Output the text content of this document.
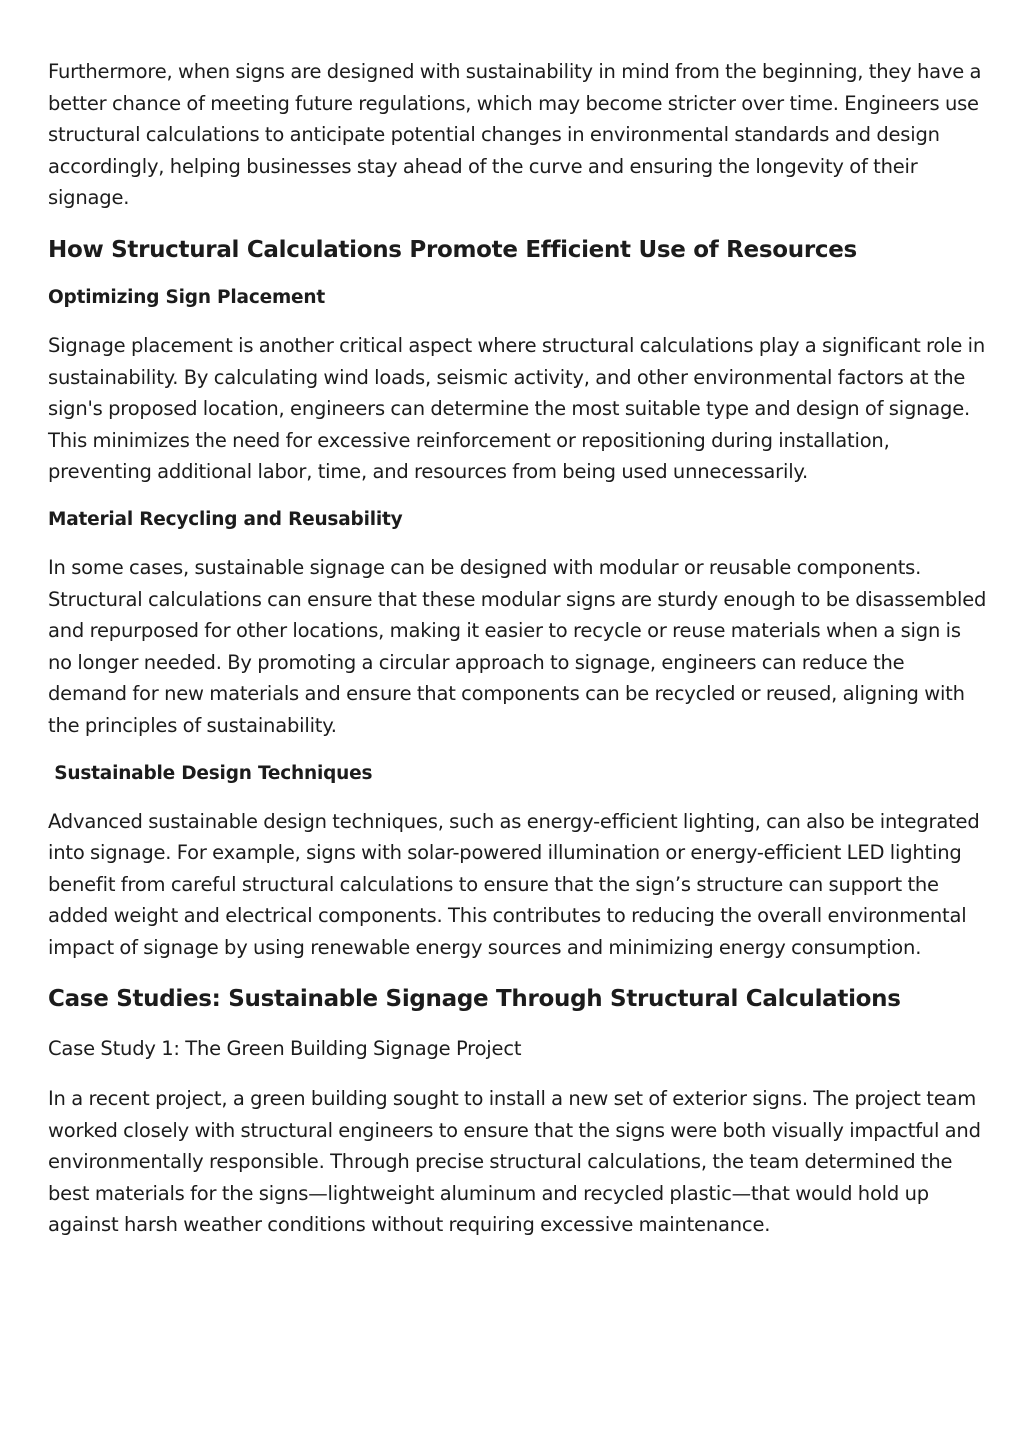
Furthermore, when signs are designed with sustainability in mind from the beginning, they have a better chance of meeting future regulations, which may become stricter over time. Engineers use structural calculations to anticipate potential changes in environmental standards and design accordingly, helping businesses stay ahead of the curve and ensuring the longevity of their signage.

How Structural Calculations Promote Efficient Use of Resources
Optimizing Sign Placement

Signage placement is another critical aspect where structural calculations play a significant role in sustainability. By calculating wind loads, seismic activity, and other environmental factors at the sign's proposed location, engineers can determine the most suitable type and design of signage. This minimizes the need for excessive reinforcement or repositioning during installation, preventing additional labor, time, and resources from being used unnecessarily.

Material Recycling and Reusability

In some cases, sustainable signage can be designed with modular or reusable components. Structural calculations can ensure that these modular signs are sturdy enough to be disassembled and repurposed for other locations, making it easier to recycle or reuse materials when a sign is no longer needed. By promoting a circular approach to signage, engineers can reduce the demand for new materials and ensure that components can be recycled or reused, aligning with the principles of sustainability.

Sustainable Design Techniques

Advanced sustainable design techniques, such as energy-efficient lighting, can also be integrated into signage. For example, signs with solar-powered illumination or energy-efficient LED lighting benefit from careful structural calculations to ensure that the sign’s structure can support the added weight and electrical components. This contributes to reducing the overall environmental impact of signage by using renewable energy sources and minimizing energy consumption.

Case Studies: Sustainable Signage Through Structural Calculations

Case Study 1: The Green Building Signage Project

In a recent project, a green building sought to install a new set of exterior signs. The project team worked closely with structural engineers to ensure that the signs were both visually impactful and environmentally responsible. Through precise structural calculations, the team determined the best materials for the signs—lightweight aluminum and recycled plastic—that would hold up against harsh weather conditions without requiring excessive maintenance.
